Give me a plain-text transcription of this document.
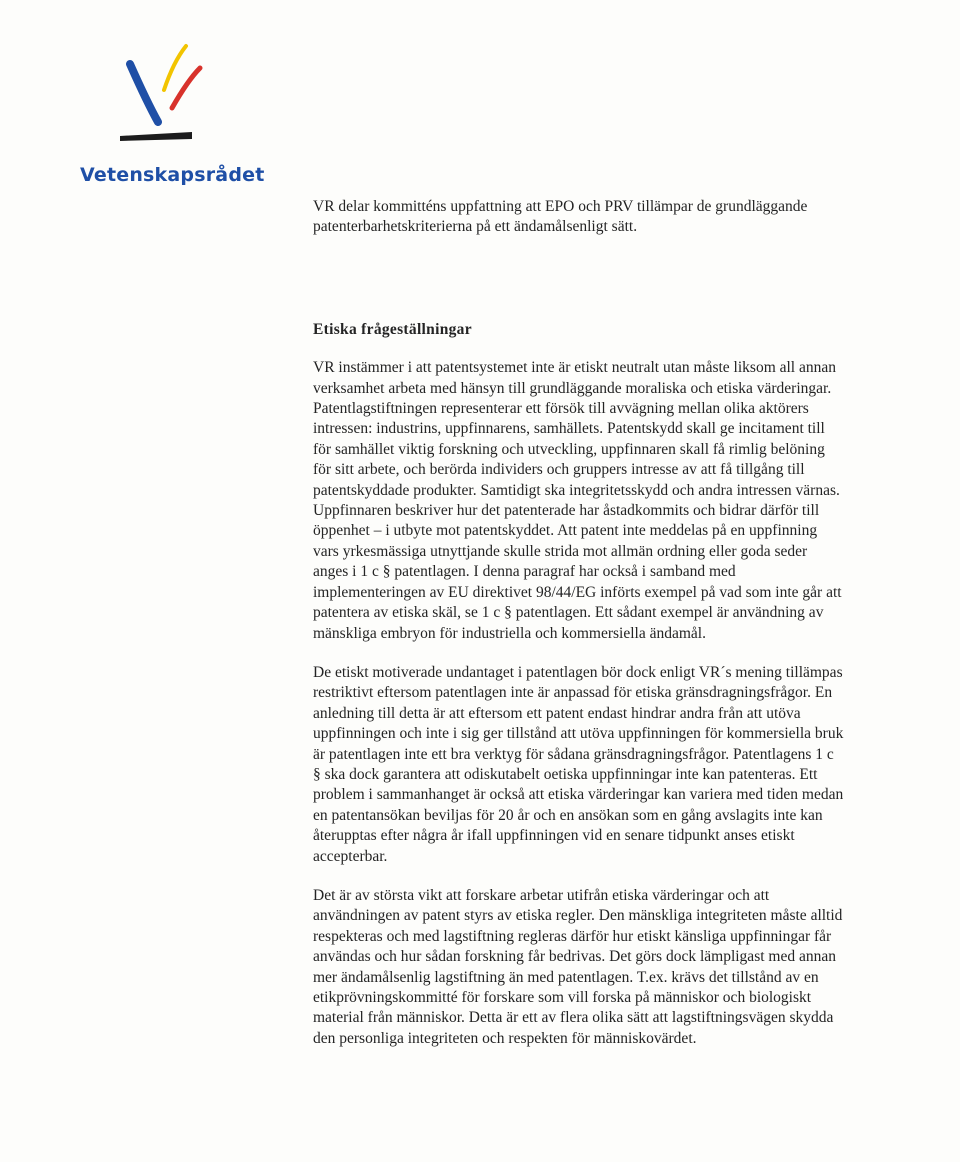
Vetenskapsrådet

VR delar kommitténs uppfattning att EPO och PRV tillämpar de grundläggande patenterbarhetskriterierna på ett ändamålsenligt sätt.

Etiska frågeställningar

VR instämmer i att patentsystemet inte är etiskt neutralt utan måste liksom all annan verksamhet arbeta med hänsyn till grundläggande moraliska och etiska värderingar. Patentlagstiftningen representerar ett försök till avvägning mellan olika aktörers intressen: industrins, uppfinnarens, samhällets. Patentskydd skall ge incitament till för samhället viktig forskning och utveckling, uppfinnaren skall få rimlig belöning för sitt arbete, och berörda individers och gruppers intresse av att få tillgång till patentskyddade produkter. Samtidigt ska integritetsskydd och andra intressen värnas. Uppfinnaren beskriver hur det patenterade har åstadkommits och bidrar därför till öppenhet – i utbyte mot patentskyddet. Att patent inte meddelas på en uppfinning vars yrkesmässiga utnyttjande skulle strida mot allmän ordning eller goda seder anges i 1 c § patentlagen. I denna paragraf har också i samband med implementeringen av EU direktivet 98/44/EG införts exempel på vad som inte går att patentera av etiska skäl, se 1 c § patentlagen. Ett sådant exempel är användning av mänskliga embryon för industriella och kommersiella ändamål.

De etiskt motiverade undantaget i patentlagen bör dock enligt VR´s mening tillämpas restriktivt eftersom patentlagen inte är anpassad för etiska gränsdragningsfrågor. En anledning till detta är att eftersom ett patent endast hindrar andra från att utöva uppfinningen och inte i sig ger tillstånd att utöva uppfinningen för kommersiella bruk är patentlagen inte ett bra verktyg för sådana gränsdragningsfrågor. Patentlagens 1 c § ska dock garantera att odiskutabelt oetiska uppfinningar inte kan patenteras. Ett problem i sammanhanget är också att etiska värderingar kan variera med tiden medan en patentansökan beviljas för 20 år och en ansökan som en gång avslagits inte kan återupptas efter några år ifall uppfinningen vid en senare tidpunkt anses etiskt accepterbar.

Det är av största vikt att forskare arbetar utifrån etiska värderingar och att användningen av patent styrs av etiska regler. Den mänskliga integriteten måste alltid respekteras och med lagstiftning regleras därför hur etiskt känsliga uppfinningar får användas och hur sådan forskning får bedrivas. Det görs dock lämpligast med annan mer ändamålsenlig lagstiftning än med patentlagen. T.ex. krävs det tillstånd av en etikprövningskommitté för forskare som vill forska på människor och biologiskt material från människor. Detta är ett av flera olika sätt att lagstiftningsvägen skydda den personliga integriteten och respekten för människovärdet.
